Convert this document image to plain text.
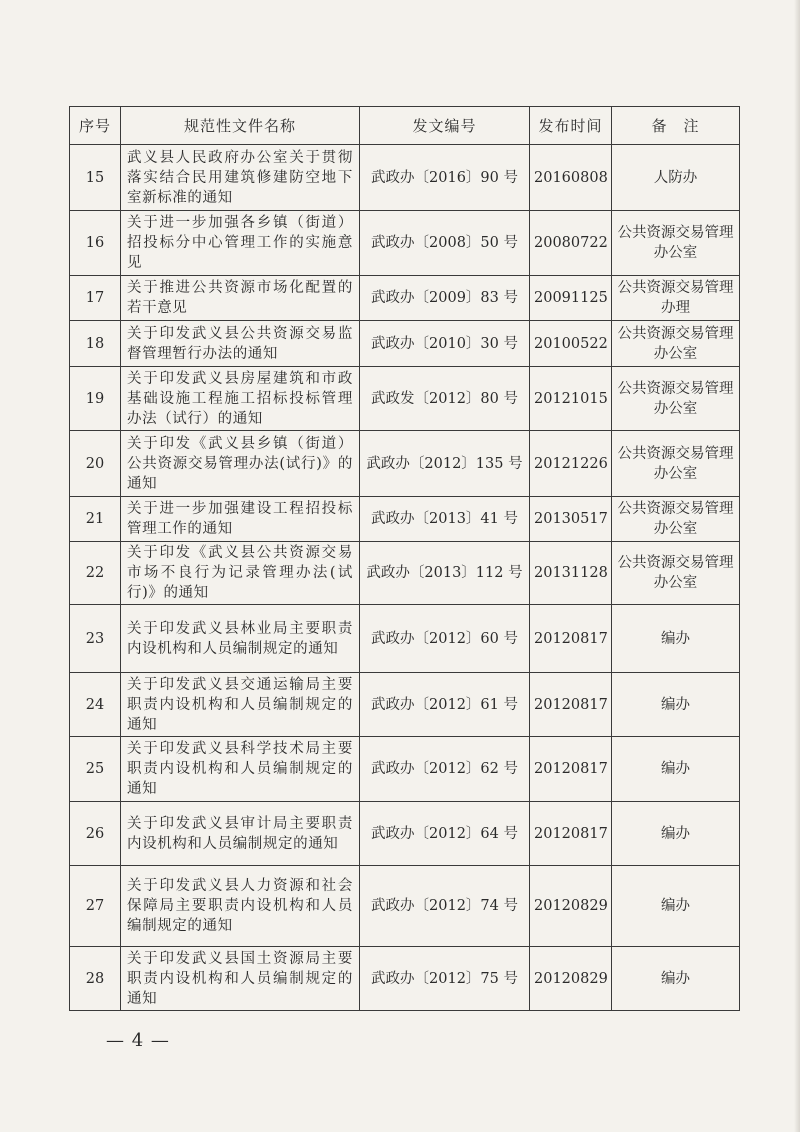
序号	规范性文件名称	发文编号	发布时间	备　注
15	武义县人民政府办公室关于贯彻落实结合民用建筑修建防空地下室新标准的通知	武政办〔2016〕90 号	20160808	人防办
16	关于进一步加强各乡镇（街道）招投标分中心管理工作的实施意见	武政办〔2008〕50 号	20080722	公共资源交易管理办公室
17	关于推进公共资源市场化配置的若干意见	武政办〔2009〕83 号	20091125	公共资源交易管理办理
18	关于印发武义县公共资源交易监督管理暂行办法的通知	武政办〔2010〕30 号	20100522	公共资源交易管理办公室
19	关于印发武义县房屋建筑和市政基础设施工程施工招标投标管理办法（试行）的通知	武政发〔2012〕80 号	20121015	公共资源交易管理办公室
20	关于印发《武义县乡镇（街道）公共资源交易管理办法(试行)》的通知	武政办〔2012〕135 号	20121226	公共资源交易管理办公室
21	关于进一步加强建设工程招投标管理工作的通知	武政办〔2013〕41 号	20130517	公共资源交易管理办公室
22	关于印发《武义县公共资源交易市场不良行为记录管理办法(试行)》的通知	武政办〔2013〕112 号	20131128	公共资源交易管理办公室
23	关于印发武义县林业局主要职责内设机构和人员编制规定的通知	武政办〔2012〕60 号	20120817	编办
24	关于印发武义县交通运输局主要职责内设机构和人员编制规定的通知	武政办〔2012〕61 号	20120817	编办
25	关于印发武义县科学技术局主要职责内设机构和人员编制规定的通知	武政办〔2012〕62 号	20120817	编办
26	关于印发武义县审计局主要职责内设机构和人员编制规定的通知	武政办〔2012〕64 号	20120817	编办
27	关于印发武义县人力资源和社会保障局主要职责内设机构和人员编制规定的通知	武政办〔2012〕74 号	20120829	编办
28	关于印发武义县国土资源局主要职责内设机构和人员编制规定的通知	武政办〔2012〕75 号	20120829	编办
— 4 —
